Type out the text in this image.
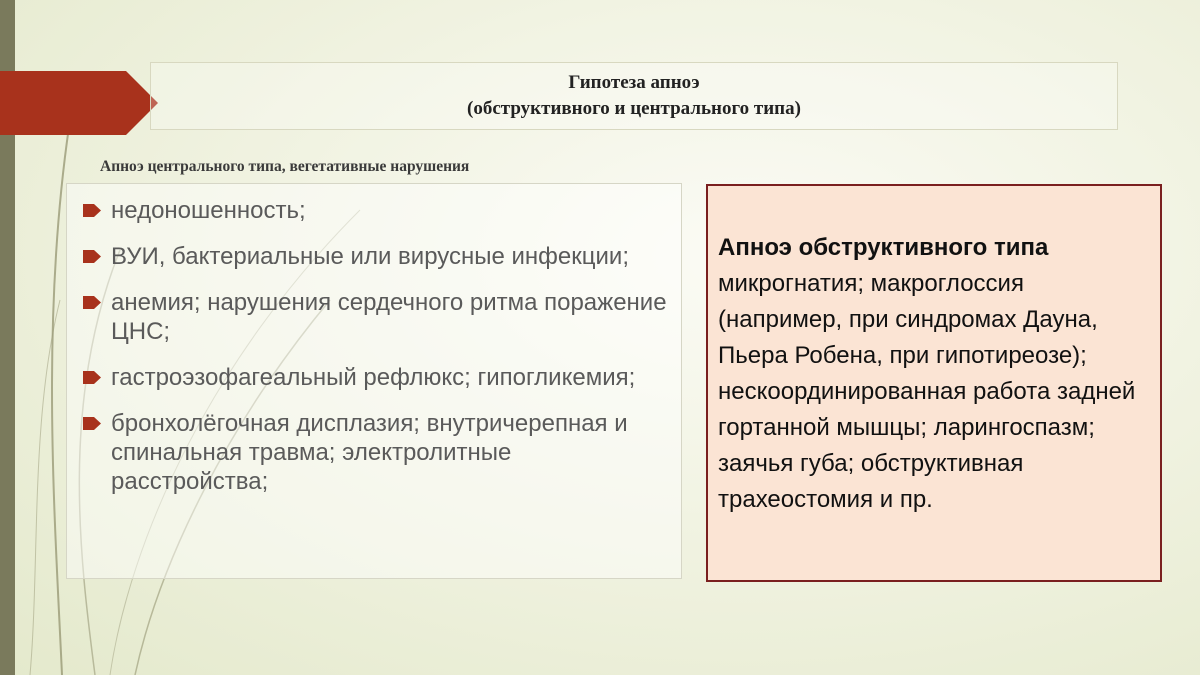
Гипотеза апноэ
(обструктивного и центрального типа)
Апноэ центрального типа, вегетативные нарушения
недоношенность;
ВУИ, бактериальные или вирусные инфекции;
анемия; нарушения сердечного ритма поражение ЦНС;
гастроэзофагеальный рефлюкс; гипогликемия;
бронхолёгочная дисплазия; внутричерепная и спинальная травма; электролитные расстройства;
Апноэ обструктивного типа
микрогнатия; макроглоссия (например, при синдромах Дауна, Пьера Робена, при гипотиреозе); нескоординированная работа задней гортанной мышцы; ларингоспазм; заячья губа; обструктивная трахеостомия и пр.
